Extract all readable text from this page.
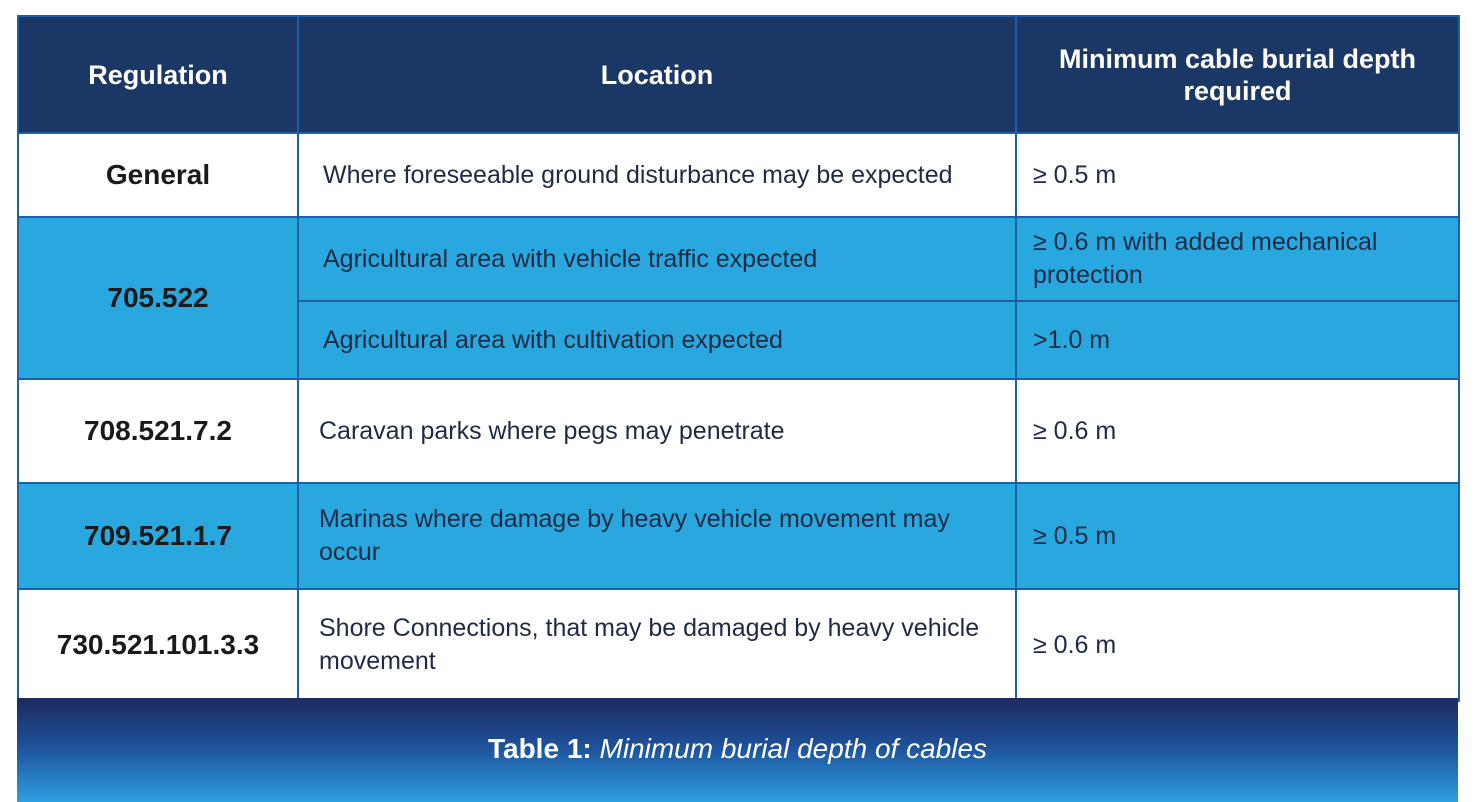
Regulation	Location	Minimum cable burial depth required
General	Where foreseeable ground disturbance may be expected	≥ 0.5 m
705.522	Agricultural area with vehicle traffic expected	≥ 0.6 m with added mechanical protection
	Agricultural area with cultivation expected	>1.0 m
708.521.7.2	Caravan parks where pegs may penetrate	≥ 0.6 m
709.521.1.7	Marinas where damage by heavy vehicle movement may occur	≥ 0.5 m
730.521.101.3.3	Shore Connections, that may be damaged by heavy vehicle movement	≥ 0.6 m
Table 1: Minimum burial depth of cables
